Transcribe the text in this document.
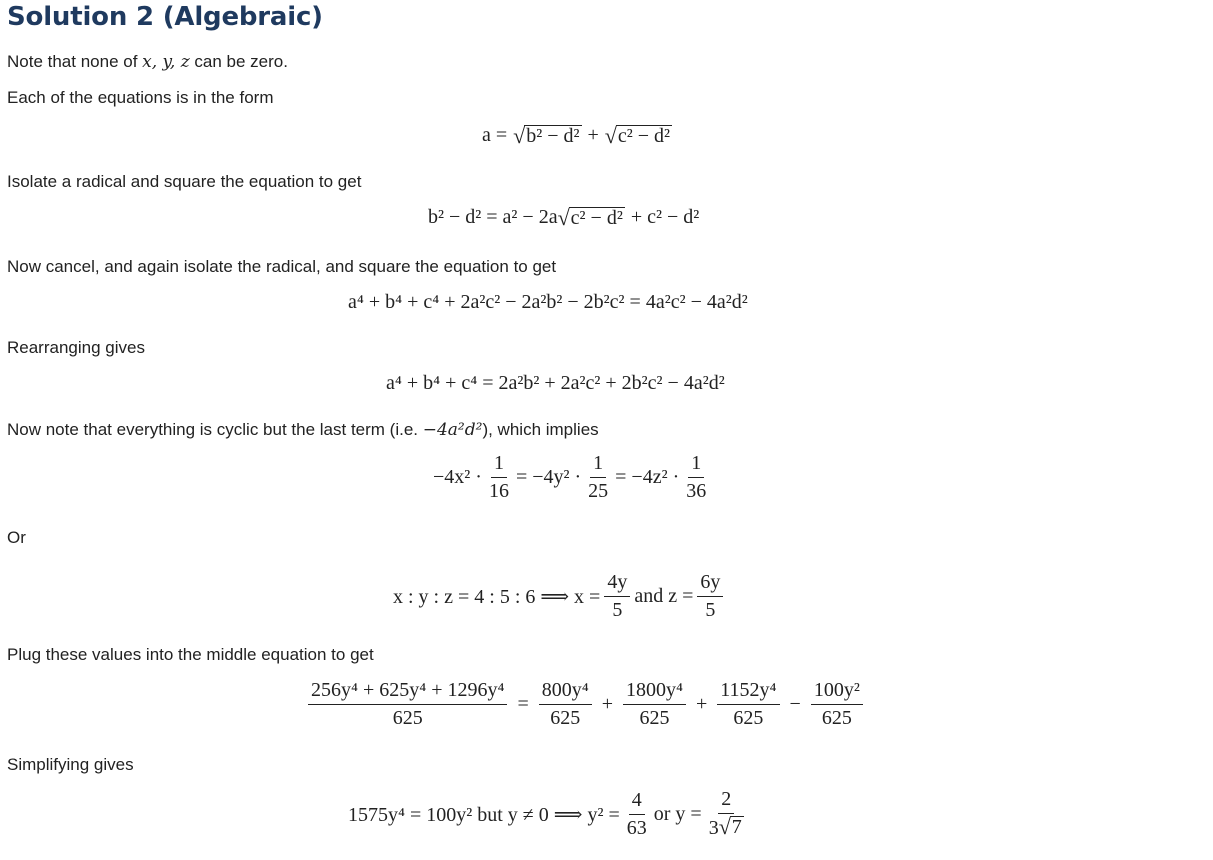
Solution 2 (Algebraic)
Note that none of x, y, z can be zero.
Each of the equations is in the form
a = √ b² − d² + √ c² − d²
Isolate a radical and square the equation to get
b² − d² = a² − 2a √ c² − d² + c² − d²
Now cancel, and again isolate the radical, and square the equation to get
a⁴ + b⁴ + c⁴ + 2a²c² − 2a²b² − 2b²c² = 4a²c² − 4a²d²
Rearranging gives
a⁴ + b⁴ + c⁴ = 2a²b² + 2a²c² + 2b²c² − 4a²d²
Now note that everything is cyclic but the last term (i.e. −4a²d²), which implies
$-4x^2 \cdot \frac{1}{16} = -4y^2 \cdot \frac{1}{25} = -4z^2 \cdot \frac{1}{36}$
Or
x : y : z = 4 : 5 : 6 ⟹ $x = \frac{4y}{5}$ and $z = \frac{6y}{5}$
Plug these values into the middle equation to get
$\frac{\text{256y⁴ + 625y⁴ + 1296y⁴}}{625} = \frac{\text{800y⁴}}{625} + \frac{\text{1800y⁴}}{625} + \frac{\text{1152y⁴}}{625} - \frac{\text{100y²}}{625}$
Simplifying gives
1575y⁴ = 100y² but y ≠ 0 ⟹ $y^2 = \frac{4}{63}$ or $y = \frac{2}{3 √ 7}$
